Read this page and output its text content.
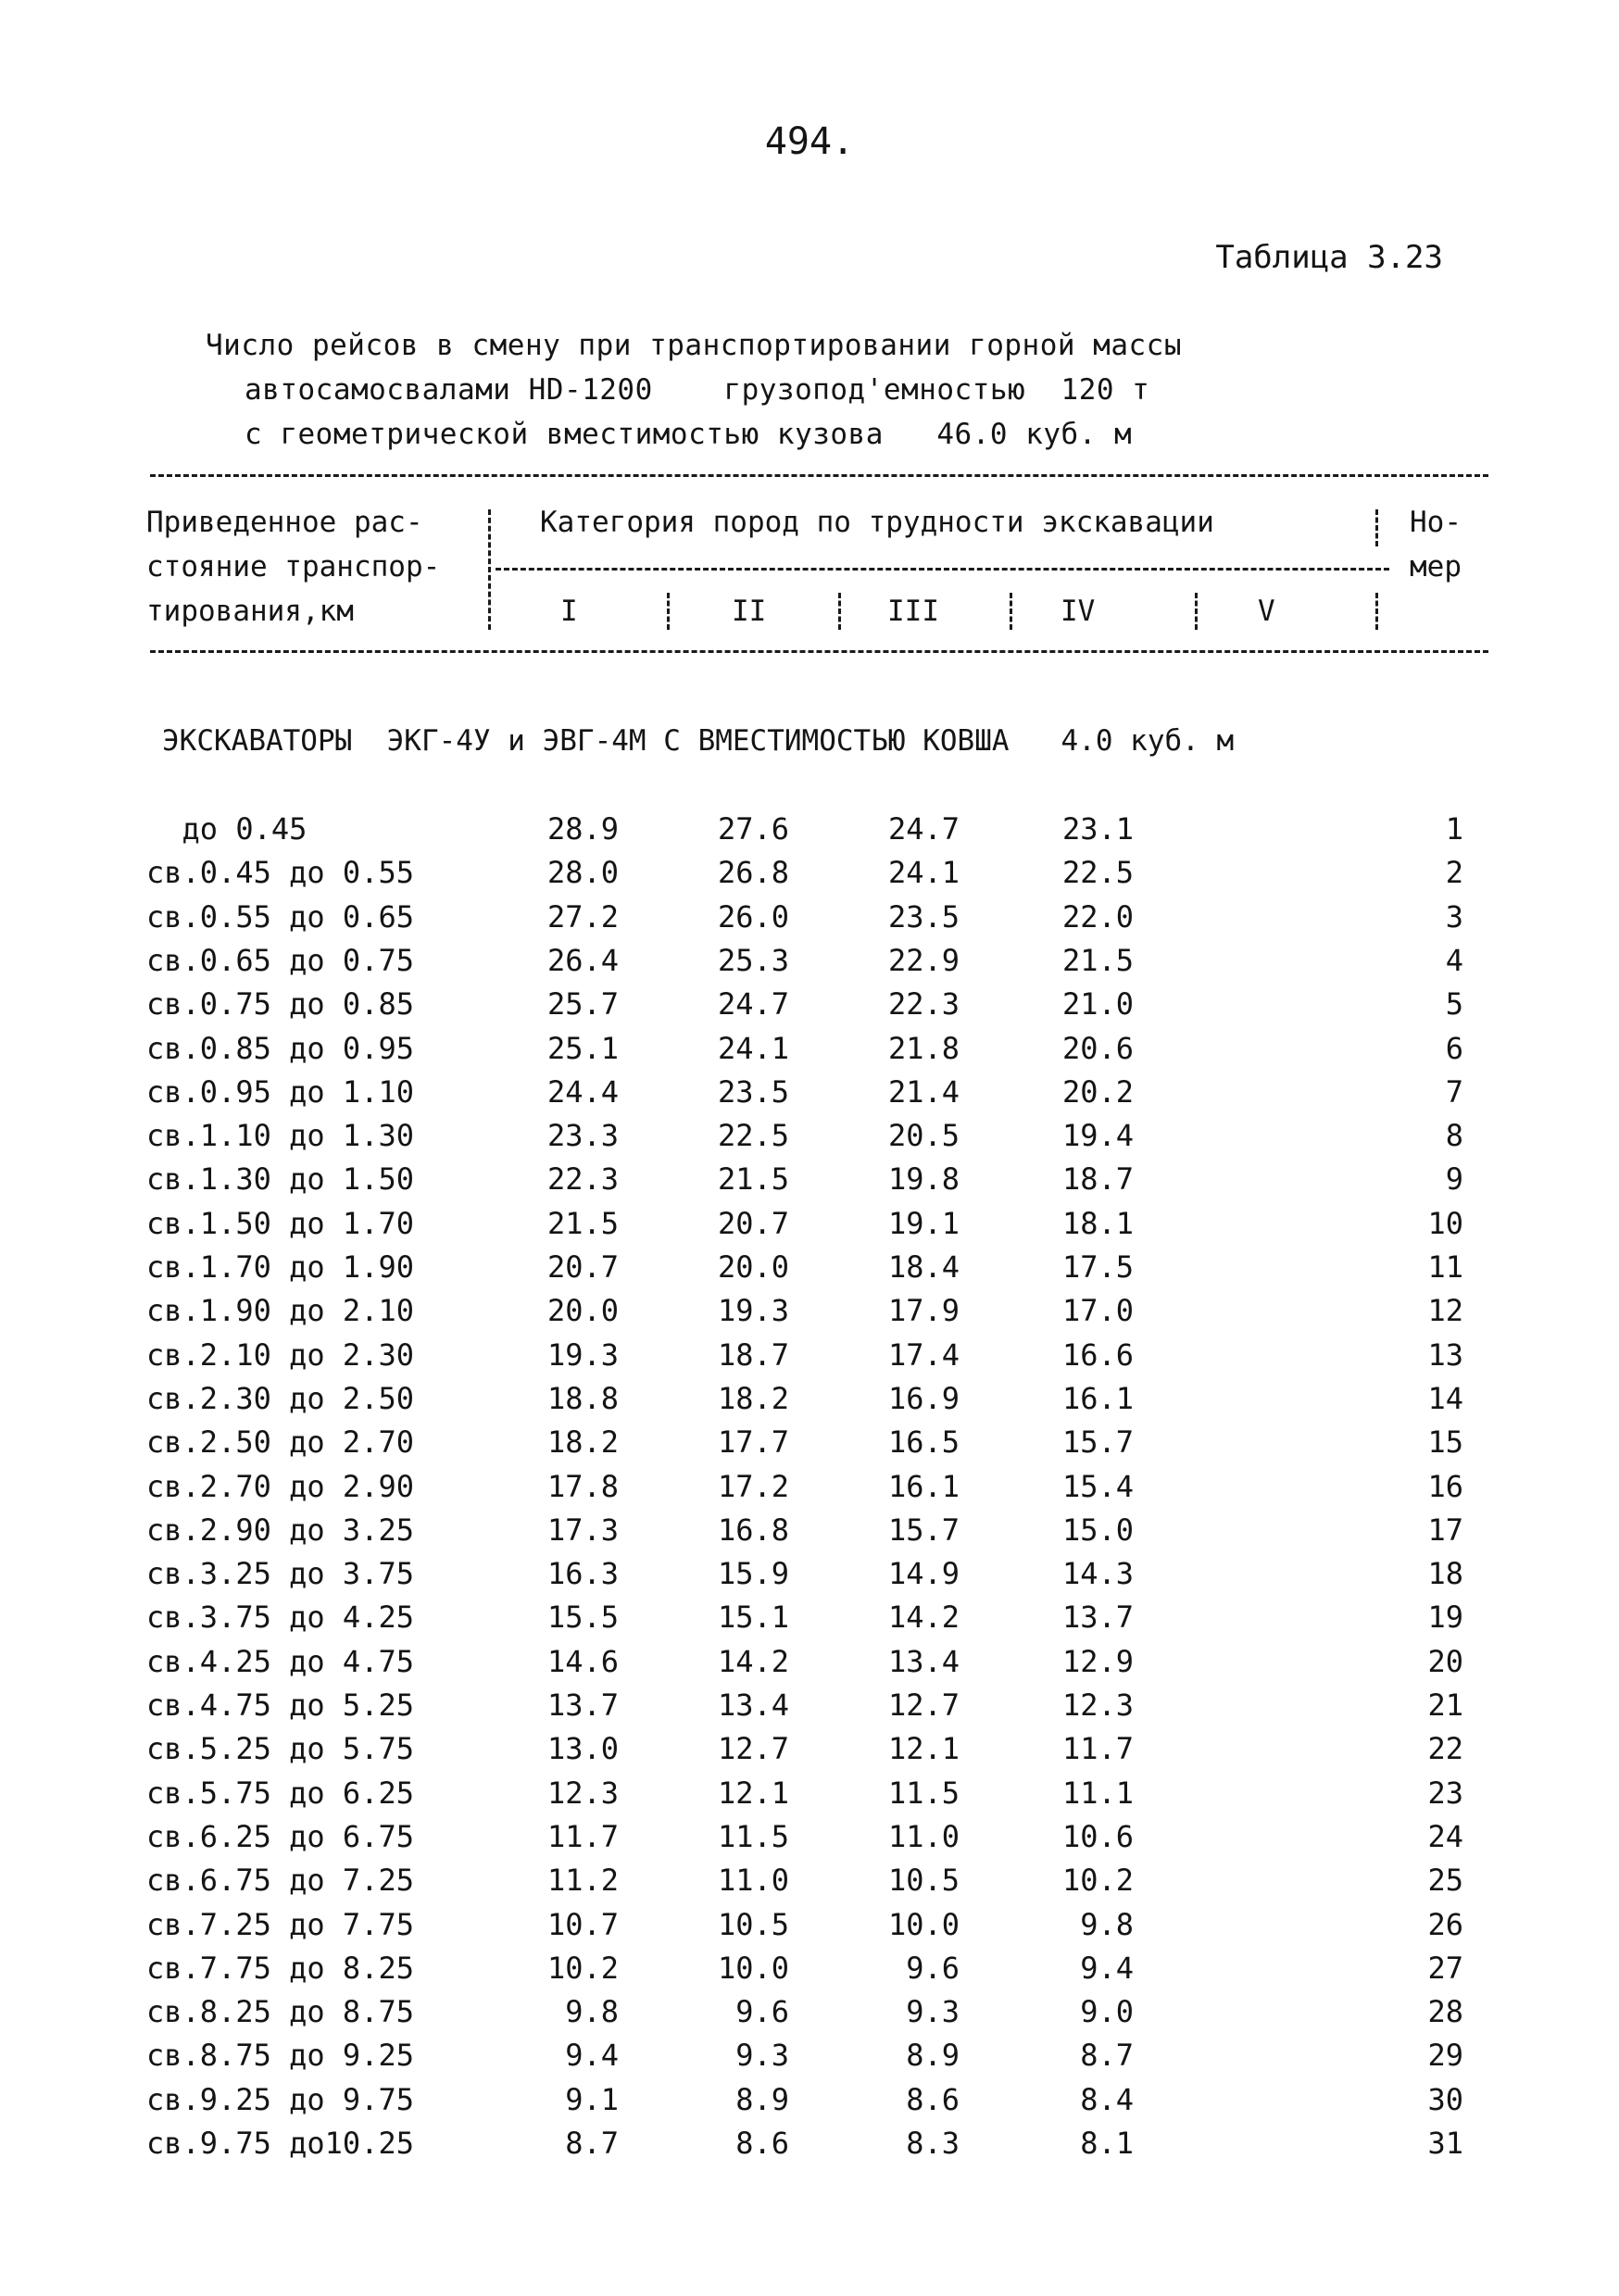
494.
Таблица 3.23
Число рейсов в смену при транспортировании горной массы
автосамосвалами HD-1200    грузопод'емностью  120 т
с геометрической вместимостью кузова   46.0 куб. м
Приведенное рас-
стояние транспор-
тирования,км
Категория пород по трудности экскавации	Но-
мер
I	II	III	IV	V
ЭКСКАВАТОРЫ  ЭКГ-4У и ЭВГ-4М С ВМЕСТИМОСТЬЮ КОВША   4.0 куб. м
до 0.45	28.9	27.6	24.7	23.1	1
св.0.45 до 0.55	28.0	26.8	24.1	22.5	2
св.0.55 до 0.65	27.2	26.0	23.5	22.0	3
св.0.65 до 0.75	26.4	25.3	22.9	21.5	4
св.0.75 до 0.85	25.7	24.7	22.3	21.0	5
св.0.85 до 0.95	25.1	24.1	21.8	20.6	6
св.0.95 до 1.10	24.4	23.5	21.4	20.2	7
св.1.10 до 1.30	23.3	22.5	20.5	19.4	8
св.1.30 до 1.50	22.3	21.5	19.8	18.7	9
св.1.50 до 1.70	21.5	20.7	19.1	18.1	10
св.1.70 до 1.90	20.7	20.0	18.4	17.5	11
св.1.90 до 2.10	20.0	19.3	17.9	17.0	12
св.2.10 до 2.30	19.3	18.7	17.4	16.6	13
св.2.30 до 2.50	18.8	18.2	16.9	16.1	14
св.2.50 до 2.70	18.2	17.7	16.5	15.7	15
св.2.70 до 2.90	17.8	17.2	16.1	15.4	16
св.2.90 до 3.25	17.3	16.8	15.7	15.0	17
св.3.25 до 3.75	16.3	15.9	14.9	14.3	18
св.3.75 до 4.25	15.5	15.1	14.2	13.7	19
св.4.25 до 4.75	14.6	14.2	13.4	12.9	20
св.4.75 до 5.25	13.7	13.4	12.7	12.3	21
св.5.25 до 5.75	13.0	12.7	12.1	11.7	22
св.5.75 до 6.25	12.3	12.1	11.5	11.1	23
св.6.25 до 6.75	11.7	11.5	11.0	10.6	24
св.6.75 до 7.25	11.2	11.0	10.5	10.2	25
св.7.25 до 7.75	10.7	10.5	10.0	9.8	26
св.7.75 до 8.25	10.2	10.0	9.6	9.4	27
св.8.25 до 8.75	9.8	9.6	9.3	9.0	28
св.8.75 до 9.25	9.4	9.3	8.9	8.7	29
св.9.25 до 9.75	9.1	8.9	8.6	8.4	30
св.9.75 до10.25	8.7	8.6	8.3	8.1	31
